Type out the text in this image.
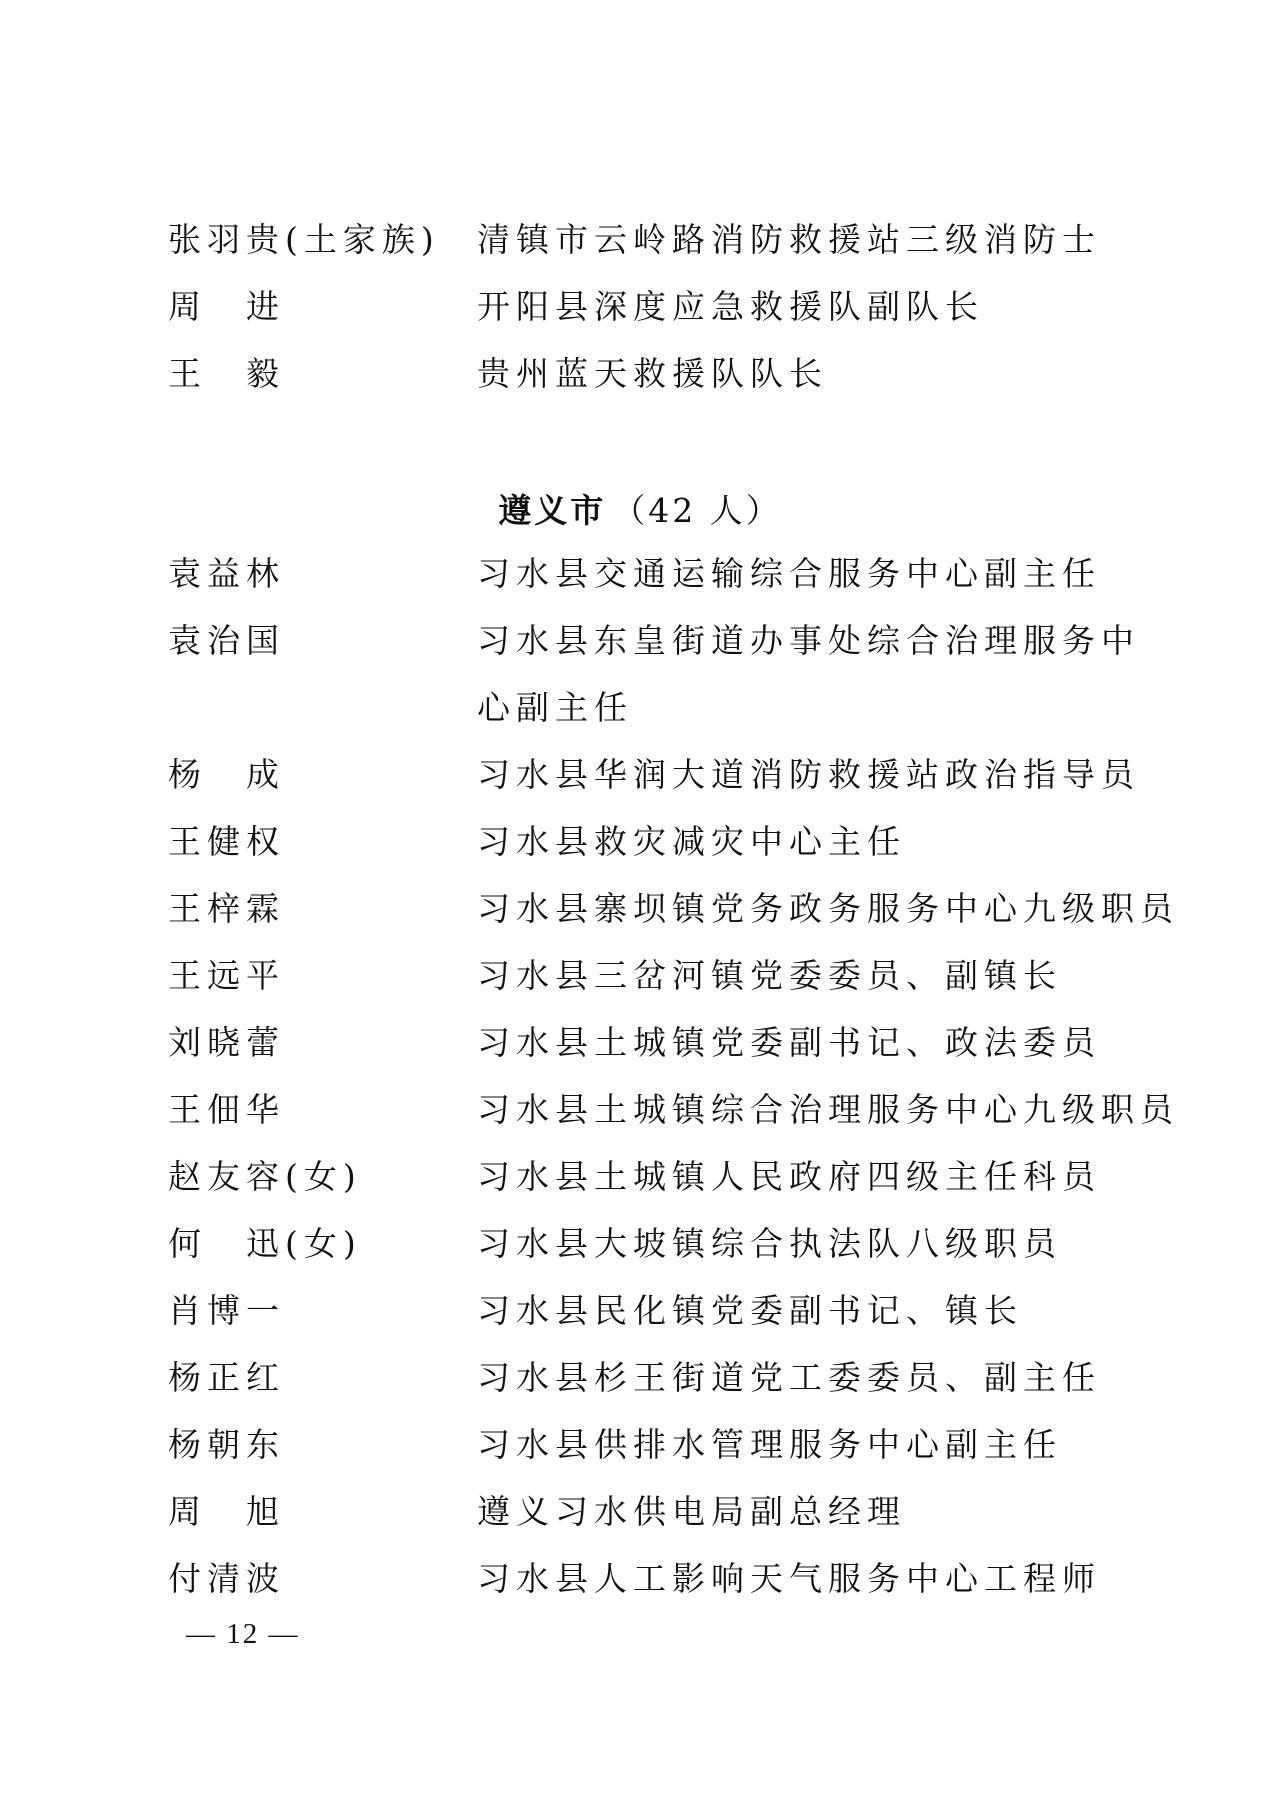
张羽贵(土家族) 清镇市云岭路消防救援站三级消防士
周　进	开阳县深度应急救援队副队长
王　毅	贵州蓝天救援队队长
遵义市 （42 人）
袁益林	习水县交通运输综合服务中心副主任
袁治国	习水县东皇街道办事处综合治理服务中
心副主任
杨　成	习水县华润大道消防救援站政治指导员
王健权	习水县救灾减灾中心主任
王梓霖	习水县寨坝镇党务政务服务中心九级职员
王远平	习水县三岔河镇党委委员、副镇长
刘晓蕾	习水县土城镇党委副书记、政法委员
王佃华	习水县土城镇综合治理服务中心九级职员
赵友容(女)	习水县土城镇人民政府四级主任科员
何　迅(女)	习水县大坡镇综合执法队八级职员
肖博一	习水县民化镇党委副书记、镇长
杨正红	习水县杉王街道党工委委员、副主任
杨朝东	习水县供排水管理服务中心副主任
周　旭	遵义习水供电局副总经理
付清波	习水县人工影响天气服务中心工程师
— 12 —
